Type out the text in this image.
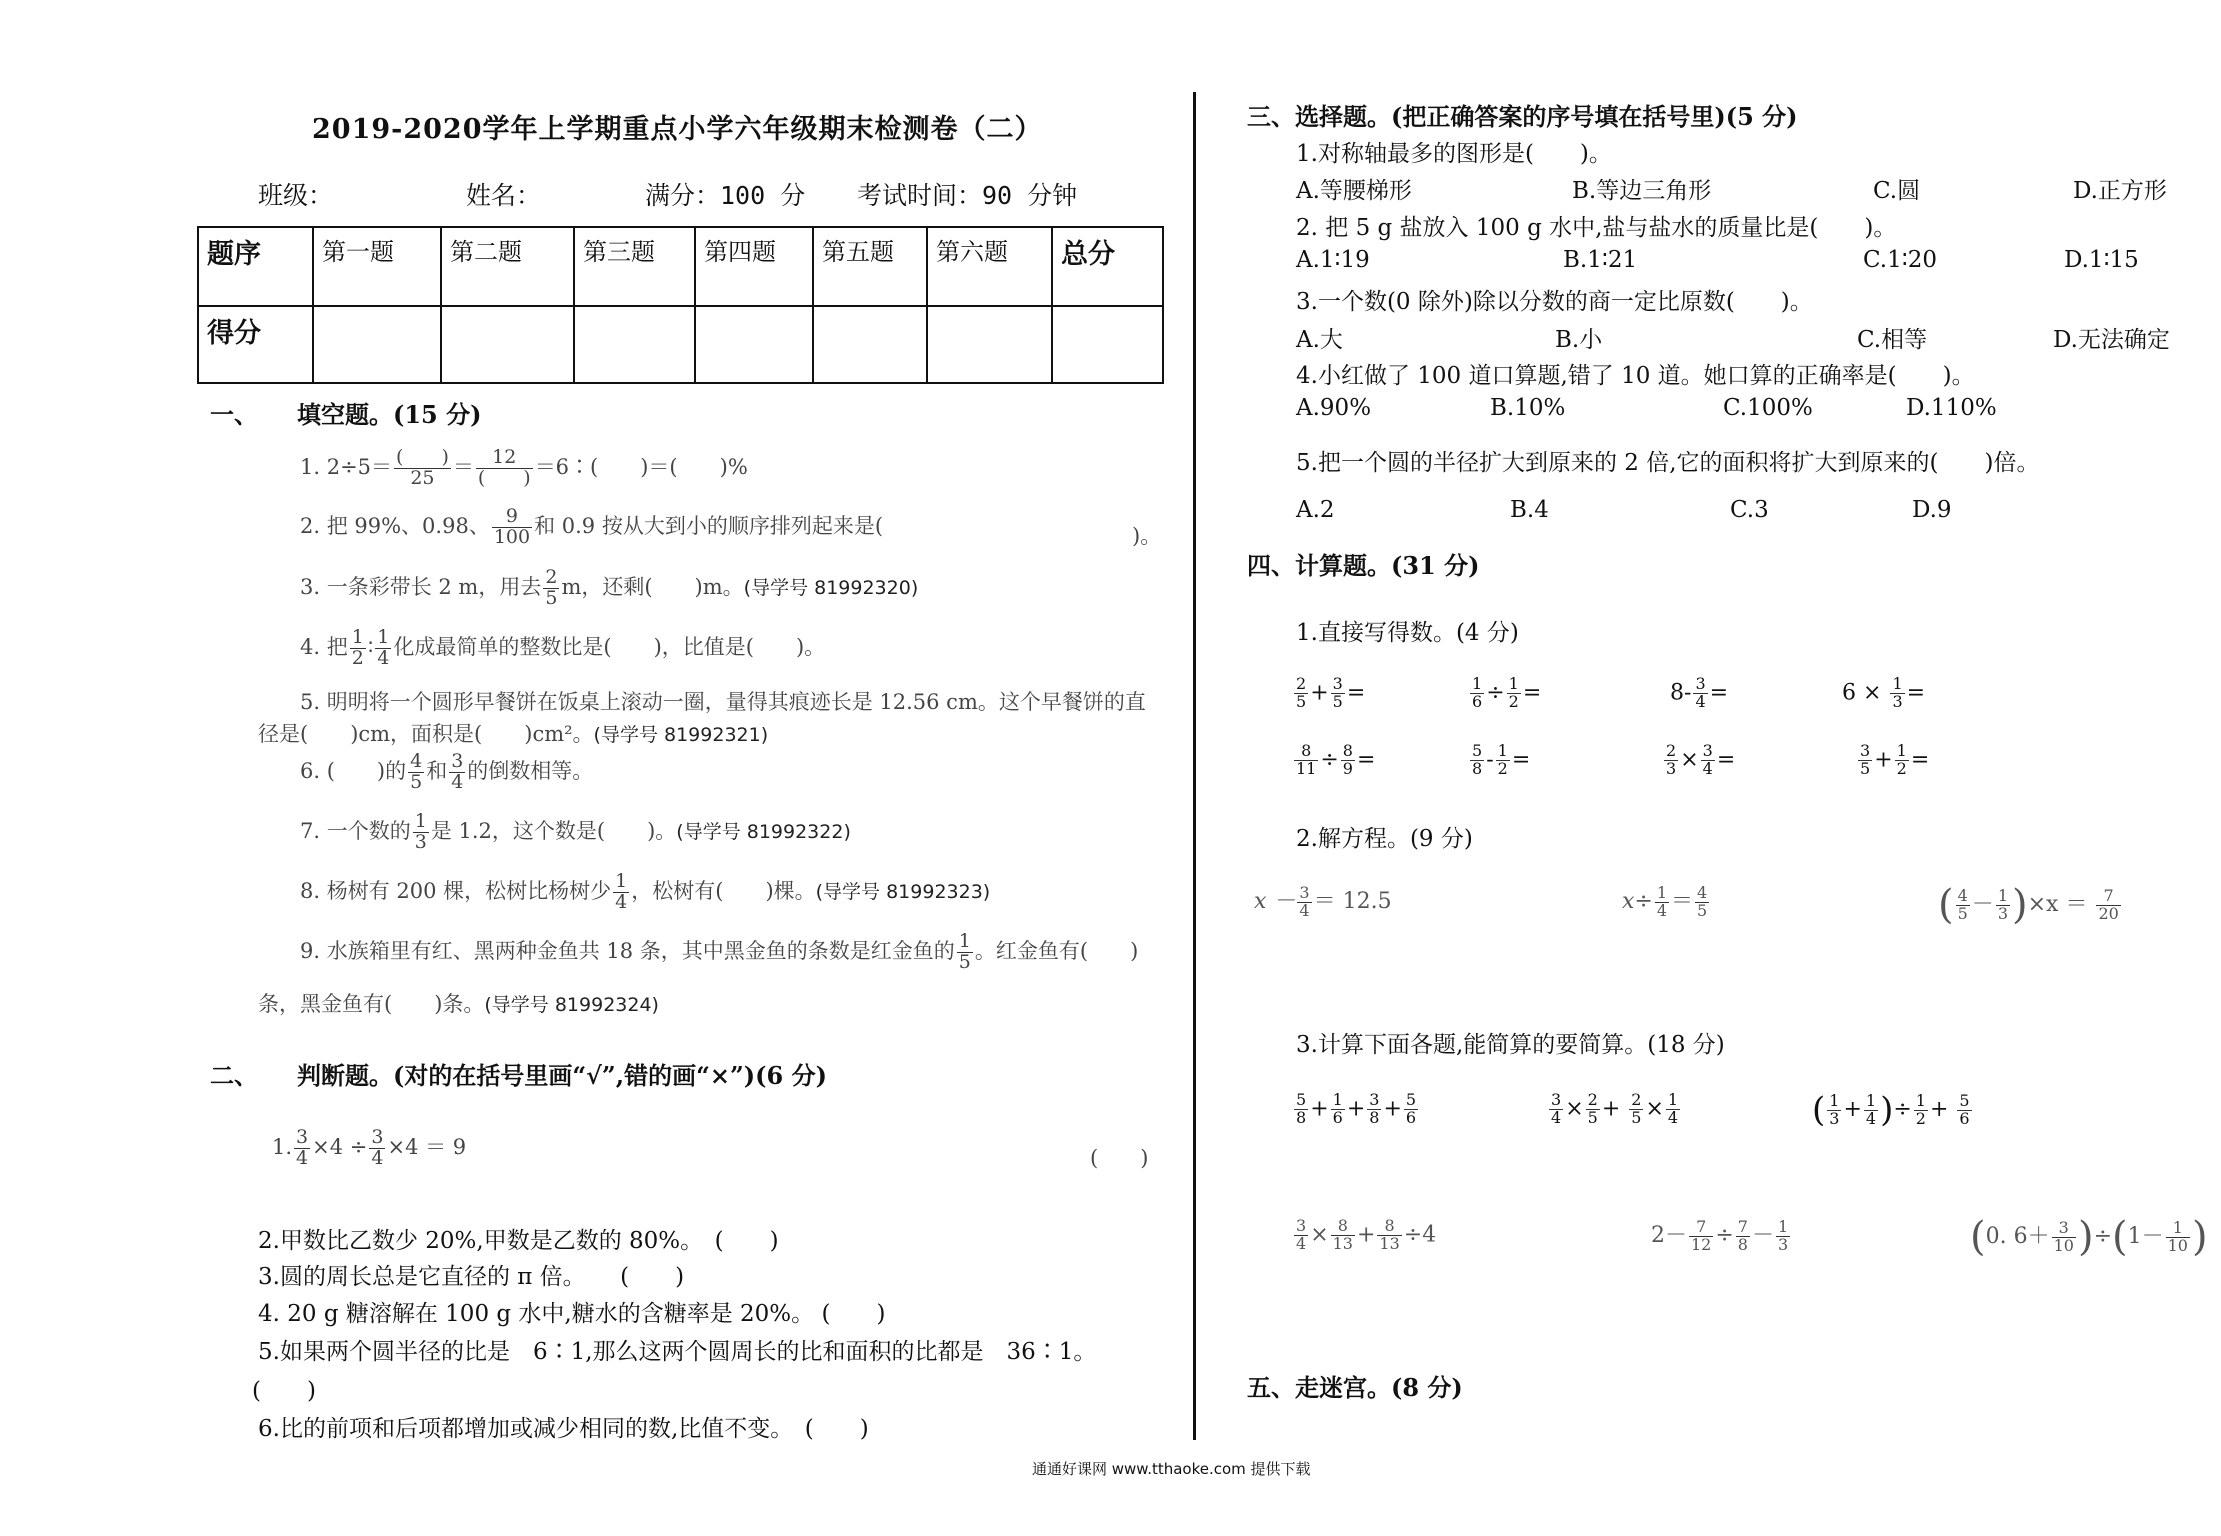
2019-2020学年上学期重点小学六年级期末检测卷（二）
班级：	姓名：	满分：100 分 考试时间：90 分钟
题序	第一题	第二题	第三题	第四题	第五题	第六题	总分
得分							
一、 填空题。(15 分)
1. $2\div 5= \frac{( )}{25} = \frac{12}{( )}$ ＝6∶(　　)＝(　　)%
2. 把 99%、0.98、 $\frac{9}{100}$ 和 0.9 按从大到小的顺序排列起来是(	)。
3. 一条彩带长 2 m，用去 $\frac{2}{5}$ m，还剩(　　)m。(导学号 81992320)
4. 把 $\frac{1}{2}$ ∶ $\frac{1}{4}$ 化成最简单的整数比是(　　)，比值是(　　)。
5. 明明将一个圆形早餐饼在饭桌上滚动一圈，量得其痕迹长是 12.56 cm。这个早餐饼的直
径是(　　)cm，面积是(　　)cm²。(导学号 81992321)
6. (　　)的 $\frac{4}{5}$ 和 $\frac{3}{4}$ 的倒数相等。
7. 一个数的 $\frac{1}{3}$ 是 1.2，这个数是(　　)。(导学号 81992322)
8. 杨树有 200 棵，松树比杨树少 $\frac{1}{4}$ ，松树有(　　)棵。(导学号 81992323)
9. 水族箱里有红、黑两种金鱼共 18 条，其中黑金鱼的条数是红金鱼的 $\frac{1}{5}$ 。红金鱼有(　　)
条，黑金鱼有(　　)条。(导学号 81992324)
二、 判断题。(对的在括号里画“√”,错的画“×”)(6 分)
1. $\frac{3}{4} \times 4 \div \frac{3}{4} \times 4 = 9$	(　　)
2.甲数比乙数少 20%,甲数是乙数的 80%。　(　　)
3.圆的周长总是它直径的 π 倍。　　(　　)
4. 20 g 糖溶解在 100 g 水中,糖水的含糖率是 20%。 (　　)
5.如果两个圆半径的比是　6∶1,那么这两个圆周长的比和面积的比都是　36∶1。
(　　)
6.比的前项和后项都增加或减少相同的数,比值不变。　(　　)
三、选择题。(把正确答案的序号填在括号里)(5 分)
1.对称轴最多的图形是(　　)。
A.等腰梯形	B.等边三角形	C.圆	D.正方形
2. 把 5 g 盐放入 100 g 水中,盐与盐水的质量比是(　　)。
A.1∶19	B.1∶21	C.1∶20	D.1∶15
3.一个数(0 除外)除以分数的商一定比原数(　　)。
A.大	B.小	C.相等	D.无法确定
4.小红做了 100 道口算题,错了 10 道。她口算的正确率是(　　)。
A.90%	B.10%	C.100%	D.110%
5.把一个圆的半径扩大到原来的 2 倍,它的面积将扩大到原来的(　　)倍。
A.2	B.4	C.3	D.9
四、计算题。(31 分)
1.直接写得数。(4 分)
$\frac{2}{5} + \frac{3}{5}$ =	$\frac{1}{6} \div \frac{1}{2}$ =	$8- \frac{3}{4}$ =	$6 \times \frac{1}{3}$ =
$\frac{8}{11} \div \frac{8}{9}$ =	$\frac{5}{8} - \frac{1}{2}$ =	$\frac{2}{3} \times \frac{3}{4}$ =	$\frac{3}{5} + \frac{1}{2}$ =
2.解方程。(9 分)
$x - \frac{3}{4} = 12.5$	$x\div \frac{1}{4} = \frac{4}{5}$	( $\frac{4}{5} - \frac{1}{3} )\times x = \frac{7}{20}$
3.计算下面各题,能简算的要简算。(18 分)
$\frac{5}{8} + \frac{1}{6} + \frac{3}{8} + \frac{5}{6}$	$\frac{3}{4} \times \frac{2}{5} + \frac{2}{5} \times \frac{1}{4}$	( $\frac{1}{3} + \frac{1}{4}$ )÷ $\frac{1}{2} + \frac{5}{6}$
$\frac{3}{4} \times \frac{8}{13} + \frac{8}{13} \div 4$	$2- \frac{7}{12} \div \frac{7}{8} - \frac{1}{3}$	(0. $6+ \frac{3}{10} )\div(1- \frac{1}{10}$ )
五、走迷宫。(8 分)
通通好课网 www.tthaoke.com 提供下载
